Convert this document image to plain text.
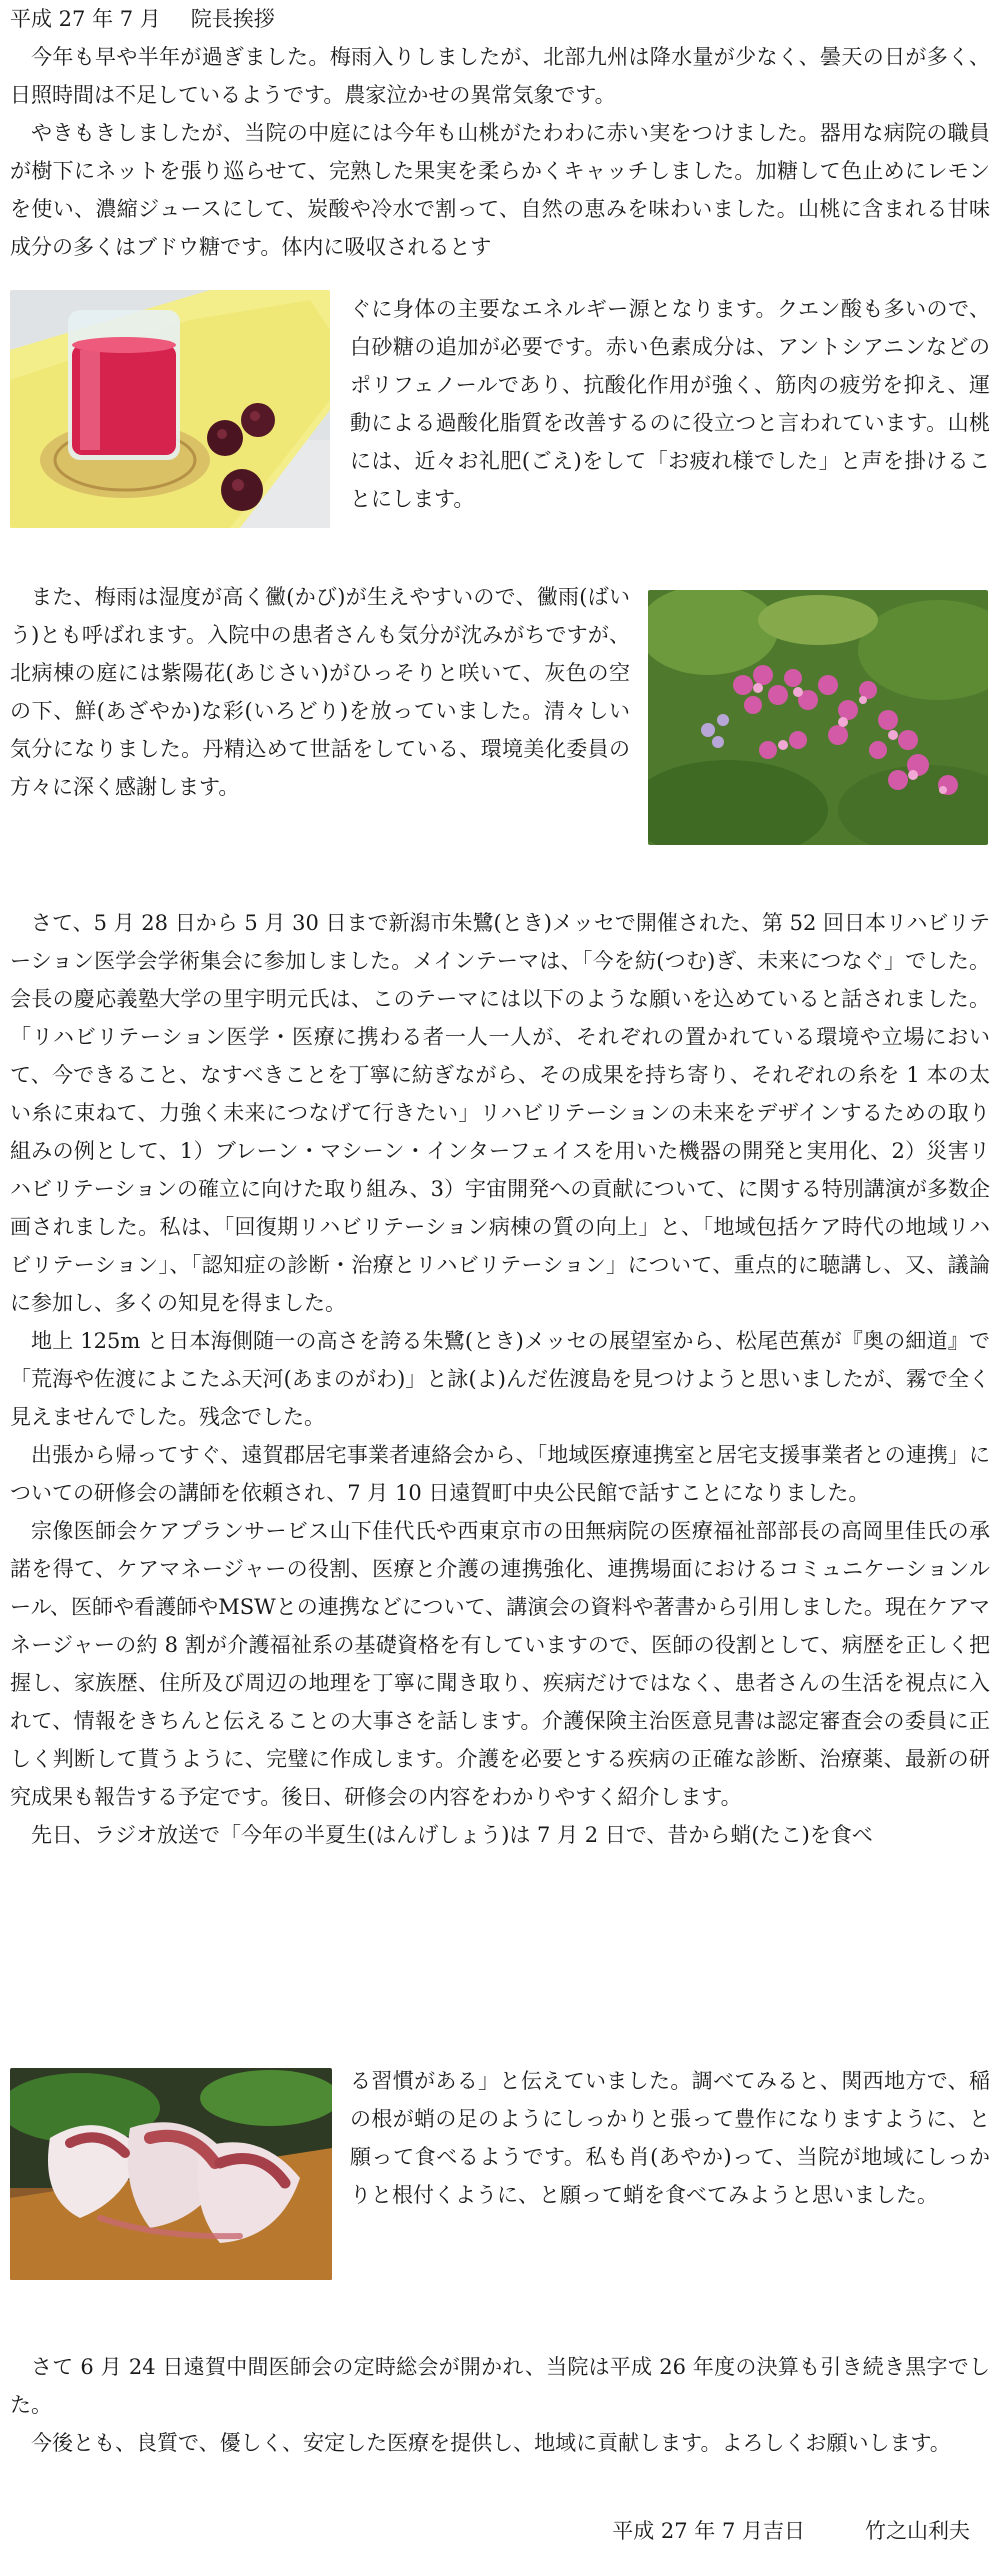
平成 27 年 7 月 院長挨拶

今年も早や半年が過ぎました。梅雨入りしましたが、北部九州は降水量が少なく、曇天の日が多く、日照時間は不足しているようです。農家泣かせの異常気象です。

やきもきしましたが、当院の中庭には今年も山桃がたわわに赤い実をつけました。器用な病院の職員が樹下にネットを張り巡らせて、完熟した果実を柔らかくキャッチしました。加糖して色止めにレモンを使い、濃縮ジュースにして、炭酸や冷水で割って、自然の恵みを味わいました。山桃に含まれる甘味成分の多くはブドウ糖です。体内に吸収されるとす

ぐに身体の主要なエネルギー源となります。クエン酸も多いので、白砂糖の追加が必要です。赤い色素成分は、アントシアニンなどのポリフェノールであり、抗酸化作用が強く、筋肉の疲労を抑え、運動による過酸化脂質を改善するのに役立つと言われています。山桃には、近々お礼肥(ごえ)をして「お疲れ様でした」と声を掛けることにします。

また、梅雨は湿度が高く黴(かび)が生えやすいので、黴雨(ばいう)とも呼ばれます。入院中の患者さんも気分が沈みがちですが、北病棟の庭には紫陽花(あじさい)がひっそりと咲いて、灰色の空の下、鮮(あざやか)な彩(いろどり)を放っていました。清々しい気分になりました。丹精込めて世話をしている、環境美化委員の方々に深く感謝します。

さて、5 月 28 日から 5 月 30 日まで新潟市朱鷺(とき)メッセで開催された、第 52 回日本リハビリテーション医学会学術集会に参加しました。メインテーマは、「今を紡(つむ)ぎ、未来につなぐ」でした。会長の慶応義塾大学の里宇明元氏は、このテーマには以下のような願いを込めていると話されました。「リハビリテーション医学・医療に携わる者一人一人が、それぞれの置かれている環境や立場において、今できること、なすべきことを丁寧に紡ぎながら、その成果を持ち寄り、それぞれの糸を 1 本の太い糸に束ねて、力強く未来につなげて行きたい」リハビリテーションの未来をデザインするための取り組みの例として、1）ブレーン・マシーン・インターフェイスを用いた機器の開発と実用化、2）災害リハビリテーションの確立に向けた取り組み、3）宇宙開発への貢献について、に関する特別講演が多数企画されました。私は、「回復期リハビリテーション病棟の質の向上」と、「地域包括ケア時代の地域リハビリテーション」、「認知症の診断・治療とリハビリテーション」について、重点的に聴講し、又、議論に参加し、多くの知見を得ました。

地上 125m と日本海側随一の高さを誇る朱鷺(とき)メッセの展望室から、松尾芭蕉が『奥の細道』で「荒海や佐渡によこたふ天河(あまのがわ)」と詠(よ)んだ佐渡島を見つけようと思いましたが、霧で全く見えませんでした。残念でした。

出張から帰ってすぐ、遠賀郡居宅事業者連絡会から、「地域医療連携室と居宅支援事業者との連携」についての研修会の講師を依頼され、7 月 10 日遠賀町中央公民館で話すことになりました。

宗像医師会ケアプランサービス山下佳代氏や西東京市の田無病院の医療福祉部部長の高岡里佳氏の承諾を得て、ケアマネージャーの役割、医療と介護の連携強化、連携場面におけるコミュニケーションルール、医師や看護師やMSWとの連携などについて、講演会の資料や著書から引用しました。現在ケアマネージャーの約 8 割が介護福祉系の基礎資格を有していますので、医師の役割として、病歴を正しく把握し、家族歴、住所及び周辺の地理を丁寧に聞き取り、疾病だけではなく、患者さんの生活を視点に入れて、情報をきちんと伝えることの大事さを話します。介護保険主治医意見書は認定審査会の委員に正しく判断して貰うように、完璧に作成します。介護を必要とする疾病の正確な診断、治療薬、最新の研究成果も報告する予定です。後日、研修会の内容をわかりやすく紹介します。

先日、ラジオ放送で「今年の半夏生(はんげしょう)は 7 月 2 日で、昔から蛸(たこ)を食べ

る習慣がある」と伝えていました。調べてみると、関西地方で、稲の根が蛸の足のようにしっかりと張って豊作になりますように、と願って食べるようです。私も肖(あやか)って、当院が地域にしっかりと根付くように、と願って蛸を食べてみようと思いました。

さて 6 月 24 日遠賀中間医師会の定時総会が開かれ、当院は平成 26 年度の決算も引き続き黒字でした。

今後とも、良質で、優しく、安定した医療を提供し、地域に貢献します。よろしくお願いします。

平成 27 年 7 月吉日	竹之山利夫
